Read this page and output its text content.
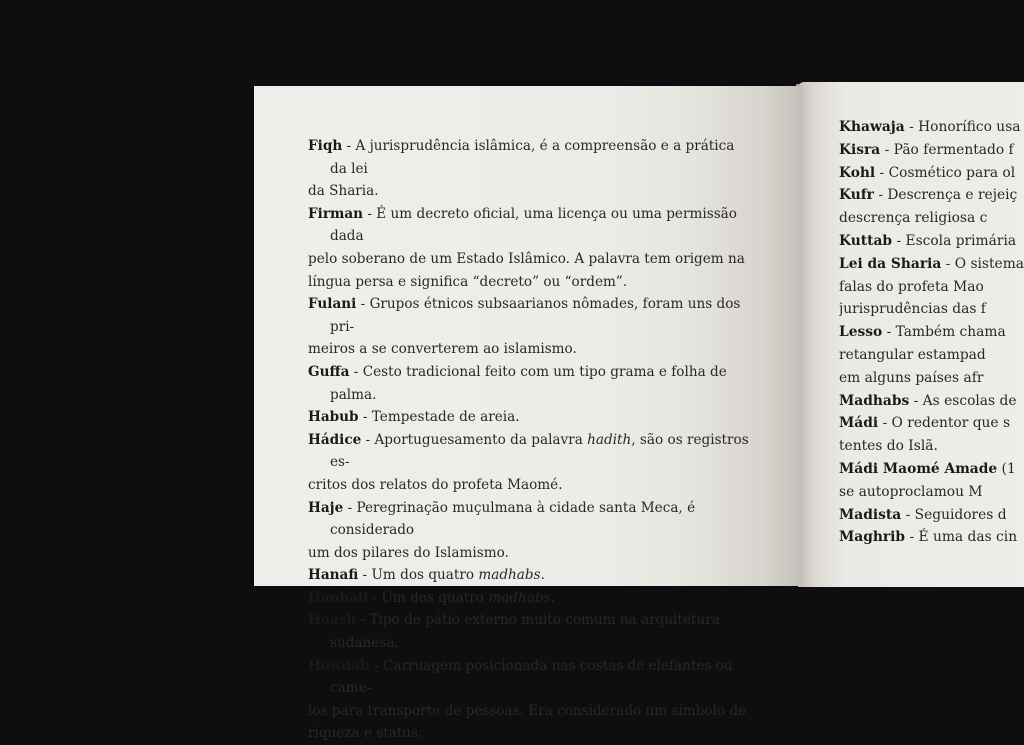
Fiqh - A jurisprudência islâmica, é a compreensão e a prática da lei
da Sharia.

Firman - É um decreto oficial, uma licença ou uma permissão dada
pelo soberano de um Estado Islâmico. A palavra tem origem na
língua persa e significa “decreto” ou “ordem”.

Fulani - Grupos étnicos subsaarianos nômades, foram uns dos pri-
meiros a se converterem ao islamismo.

Guffa - Cesto tradicional feito com um tipo grama e folha de palma.

Habub - Tempestade de areia.

Hádice - Aportuguesamento da palavra hadith, são os registros es-
critos dos relatos do profeta Maomé.

Haje - Peregrinação muçulmana à cidade santa Meca, é considerado
um dos pilares do Islamismo.

Hanafi - Um dos quatro madhabs.

Hanbali - Um dos quatro madhabs.

Hoash - Tipo de pátio externo muito comum na arquitetura sudanesa.

Howdah - Carruagem posicionada nas costas de elefantes ou came-
los para transporte de pessoas. Era considerado um símbolo de
riqueza e status.

Khawaja - Honorífico usa

Kisra - Pão fermentado f

Kohl - Cosmético para ol

Kufr - Descrença e rejeiç
descrença religiosa c

Kuttab - Escola primária

Lei da Sharia - O sistema
falas do profeta Mao
jurisprudências das f

Lesso - Também chama
retangular estampad
em alguns países afr

Madhabs - As escolas de

Mádi - O redentor que s
tentes do Islã.

Mádi Maomé Amade (1
se autoproclamou M

Madista - Seguidores d

Maghrib - É uma das cin
